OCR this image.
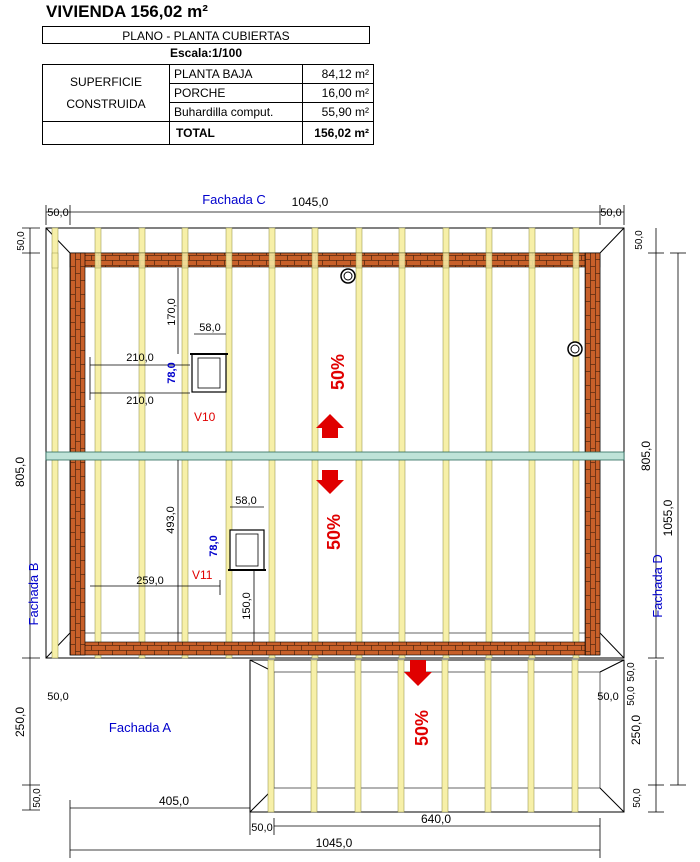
VIVIENDA 156,02 m²
PLANO - PLANTA CUBIERTAS
Escala:1/100
SUPERFICIE
CONSTRUIDA	PLANTA BAJA	84,12 m²
	PORCHE	16,00 m²
	Buhardilla comput.	55,90 m²
	TOTAL	156,02 m²
1045,0
50,0	50,0
805,0
50,0
250,0
50,0
805,0
1055,0
50,0
50,0
50,0
250,0
50,0
50,0	50,0
405,0
640,0
50,0
1045,0
170,0
210,0
210,0
58,0
493,0
259,0
58,0
150,0
78,0
78,0
V10
V11
50%
50%
50%
Fachada C
Fachada A
Fachada B	Fachada D
